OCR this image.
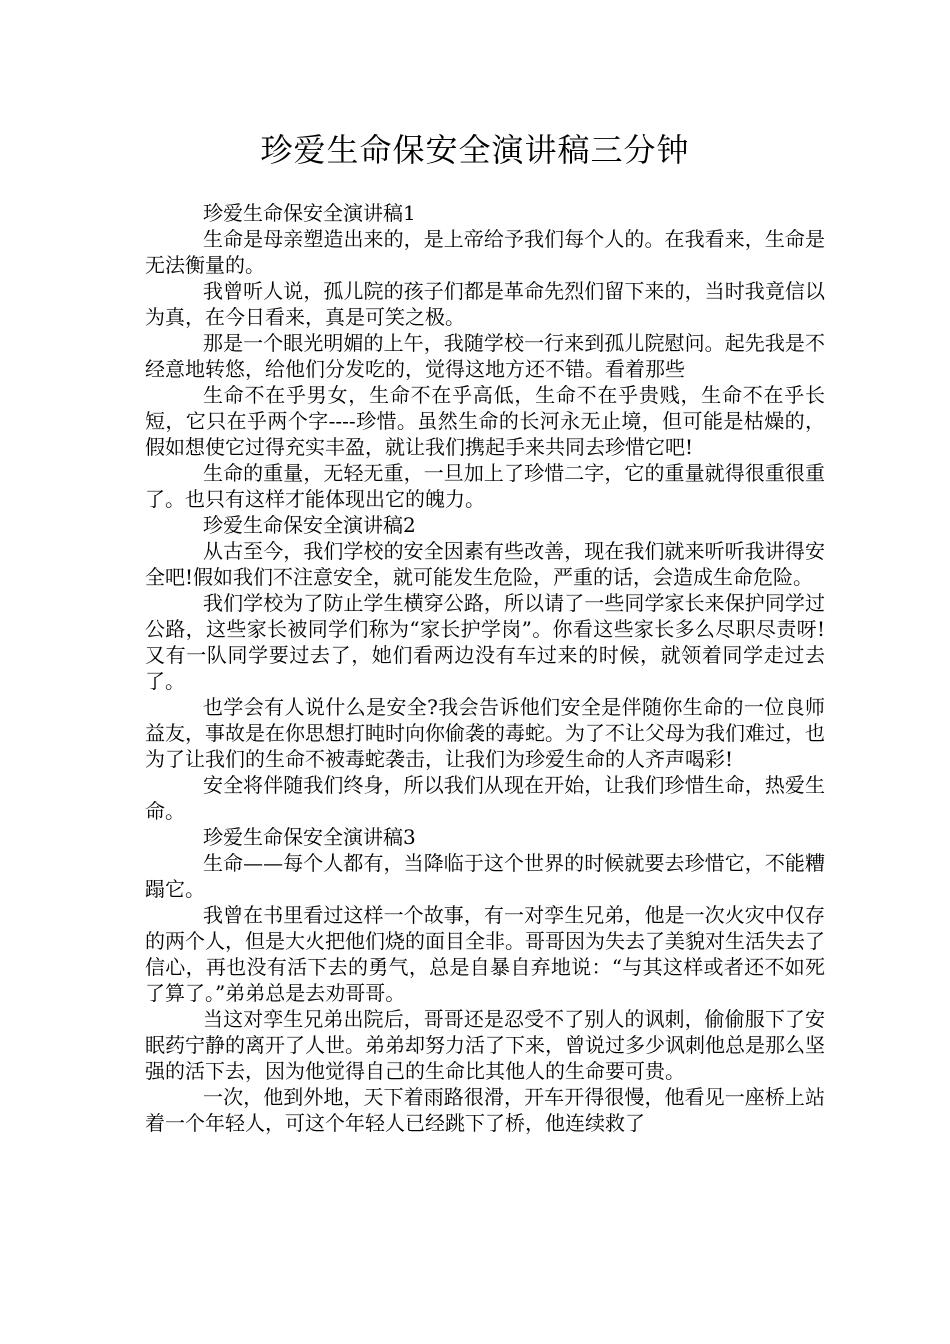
珍爱生命保安全演讲稿三分钟

珍爱生命保安全演讲稿1

生命是母亲塑造出来的，是上帝给予我们每个人的。在我看来，生命是无法衡量的。

我曾听人说，孤儿院的孩子们都是革命先烈们留下来的，当时我竟信以为真，在今日看来，真是可笑之极。

那是一个眼光明媚的上午，我随学校一行来到孤儿院慰问。起先我是不经意地转悠，给他们分发吃的，觉得这地方还不错。看着那些

生命不在乎男女，生命不在乎高低，生命不在乎贵贱，生命不在乎长短，它只在乎两个字----珍惜。虽然生命的长河永无止境，但可能是枯燥的，假如想使它过得充实丰盈，就让我们携起手来共同去珍惜它吧!

生命的重量，无轻无重，一旦加上了珍惜二字，它的重量就得很重很重了。也只有这样才能体现出它的魄力。

珍爱生命保安全演讲稿2

从古至今，我们学校的安全因素有些改善，现在我们就来听听我讲得安全吧!假如我们不注意安全，就可能发生危险，严重的话，会造成生命危险。

我们学校为了防止学生横穿公路，所以请了一些同学家长来保护同学过公路，这些家长被同学们称为“家长护学岗”。你看这些家长多么尽职尽责呀!又有一队同学要过去了，她们看两边没有车过来的时候，就领着同学走过去了。

也学会有人说什么是安全?我会告诉他们安全是伴随你生命的一位良师益友，事故是在你思想打盹时向你偷袭的毒蛇。为了不让父母为我们难过，也为了让我们的生命不被毒蛇袭击，让我们为珍爱生命的人齐声喝彩!

安全将伴随我们终身，所以我们从现在开始，让我们珍惜生命，热爱生命。

珍爱生命保安全演讲稿3

生命——每个人都有，当降临于这个世界的时候就要去珍惜它，不能糟蹋它。

我曾在书里看过这样一个故事，有一对孪生兄弟，他是一次火灾中仅存的两个人，但是大火把他们烧的面目全非。哥哥因为失去了美貌对生活失去了信心，再也没有活下去的勇气，总是自暴自弃地说：“与其这样或者还不如死了算了。”弟弟总是去劝哥哥。

当这对孪生兄弟出院后，哥哥还是忍受不了别人的讽刺，偷偷服下了安眠药宁静的离开了人世。弟弟却努力活了下来，曾说过多少讽刺他总是那么坚强的活下去，因为他觉得自己的生命比其他人的生命要可贵。

一次，他到外地，天下着雨路很滑，开车开得很慢，他看见一座桥上站着一个年轻人，可这个年轻人已经跳下了桥，他连续救了
